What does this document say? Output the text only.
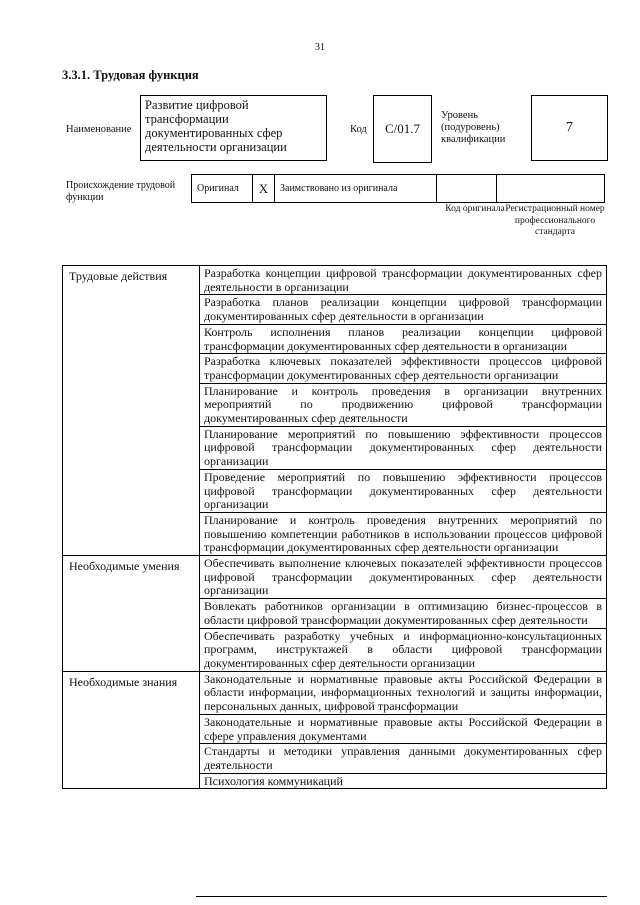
31
3.3.1. Трудовая функция
Наименование
Развитие цифровой трансформации документированных сфер деятельности организации
Код	C/01.7
Уровень (подуровень) квалификации
7
Происхождение трудовой функции
Оригинал	X	Заимствовано из оригинала
Код оригинала Регистрационный номер профессионального стандарта
Трудовые действия	Разработка концепции цифровой трансформации документированных сфер деятельности в организации
	Разработка планов реализации концепции цифровой трансформации документированных сфер деятельности в организации
	Контроль исполнения планов реализации концепции цифровой трансформации документированных сфер деятельности в организации
	Разработка ключевых показателей эффективности процессов цифровой трансформации документированных сфер деятельности организации
	Планирование и контроль проведения в организации внутренних мероприятий по продвижению цифровой трансформации документированных сфер деятельности
	Планирование мероприятий по повышению эффективности процессов цифровой трансформации документированных сфер деятельности организации
	Проведение мероприятий по повышению эффективности процессов цифровой трансформации документированных сфер деятельности организации
	Планирование и контроль проведения внутренних мероприятий по повышению компетенции работников в использовании процессов цифровой трансформации документированных сфер деятельности организации
Необходимые умения	Обеспечивать выполнение ключевых показателей эффективности процессов цифровой трансформации документированных сфер деятельности организации
	Вовлекать работников организации в оптимизацию бизнес-процессов в области цифровой трансформации документированных сфер деятельности
	Обеспечивать разработку учебных и информационно-консультационных программ, инструктажей в области цифровой трансформации документированных сфер деятельности организации
Необходимые знания	Законодательные и нормативные правовые акты Российской Федерации в области информации, информационных технологий и защиты информации, персональных данных, цифровой трансформации
	Законодательные и нормативные правовые акты Российской Федерации в сфере управления документами
	Стандарты и методики управления данными документированных сфер деятельности
	Психология коммуникаций
